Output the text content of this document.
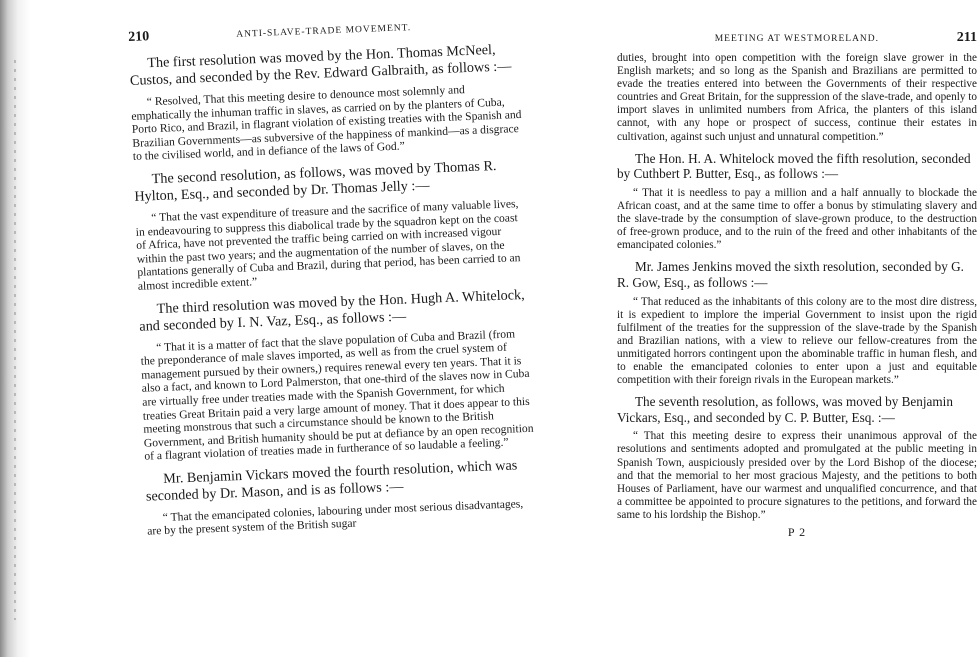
210	ANTI-SLAVE-TRADE MOVEMENT.

The first resolution was moved by the Hon. Thomas McNeel, Custos, and seconded by the Rev. Edward Galbraith, as follows :—

“ Resolved, That this meeting desire to denounce most solemnly and emphatically the inhuman traffic in slaves, as carried on by the planters of Cuba, Porto Rico, and Brazil, in flagrant violation of existing treaties with the Spanish and Brazilian Governments—as subversive of the happiness of mankind—as a disgrace to the civilised world, and in defiance of the laws of God.”

The second resolution, as follows, was moved by Thomas R. Hylton, Esq., and seconded by Dr. Thomas Jelly :—

“ That the vast expenditure of treasure and the sacrifice of many valuable lives, in endeavouring to suppress this diabolical trade by the squadron kept on the coast of Africa, have not prevented the traffic being carried on with increased vigour within the past two years; and the augmentation of the number of slaves, on the plantations generally of Cuba and Brazil, during that period, has been carried to an almost incredible extent.”

The third resolution was moved by the Hon. Hugh A. Whitelock, and seconded by I. N. Vaz, Esq., as follows :—

“ That it is a matter of fact that the slave population of Cuba and Brazil (from the preponderance of male slaves imported, as well as from the cruel system of management pursued by their owners,) requires renewal every ten years. That it is also a fact, and known to Lord Palmerston, that one-third of the slaves now in Cuba are virtually free under treaties made with the Spanish Government, for which treaties Great Britain paid a very large amount of money. That it does appear to this meeting monstrous that such a circumstance should be known to the British Government, and British humanity should be put at defiance by an open recognition of a flagrant violation of treaties made in furtherance of so laudable a feeling.”

Mr. Benjamin Vickars moved the fourth resolution, which was seconded by Dr. Mason, and is as follows :—

“ That the emancipated colonies, labouring under most serious disadvantages, are by the present system of the British sugar

MEETING AT WESTMORELAND.	211

duties, brought into open competition with the foreign slave grower in the English markets; and so long as the Spanish and Brazilians are permitted to evade the treaties entered into between the Governments of their respective countries and Great Britain, for the suppression of the slave-trade, and openly to import slaves in unlimited numbers from Africa, the planters of this island cannot, with any hope or prospect of success, continue their estates in cultivation, against such unjust and unnatural competition.”

The Hon. H. A. Whitelock moved the fifth resolution, seconded by Cuthbert P. Butter, Esq., as follows :—

“ That it is needless to pay a million and a half annually to blockade the African coast, and at the same time to offer a bonus by stimulating slavery and the slave-trade by the consumption of slave-grown produce, to the destruction of free-grown produce, and to the ruin of the freed and other inhabitants of the emancipated colonies.”

Mr. James Jenkins moved the sixth resolution, seconded by G. R. Gow, Esq., as follows :—

“ That reduced as the inhabitants of this colony are to the most dire distress, it is expedient to implore the imperial Government to insist upon the rigid fulfilment of the treaties for the suppression of the slave-trade by the Spanish and Brazilian nations, with a view to relieve our fellow-creatures from the unmitigated horrors contingent upon the abominable traffic in human flesh, and to enable the emancipated colonies to enter upon a just and equitable competition with their foreign rivals in the European markets.”

The seventh resolution, as follows, was moved by Benjamin Vickars, Esq., and seconded by C. P. Butter, Esq. :—

“ That this meeting desire to express their unanimous approval of the resolutions and sentiments adopted and promulgated at the public meeting in Spanish Town, auspiciously presided over by the Lord Bishop of the diocese; and that the memorial to her most gracious Majesty, and the petitions to both Houses of Parliament, have our warmest and unqualified concurrence, and that a committee be appointed to procure signatures to the petitions, and forward the same to his lordship the Bishop.”

P 2
